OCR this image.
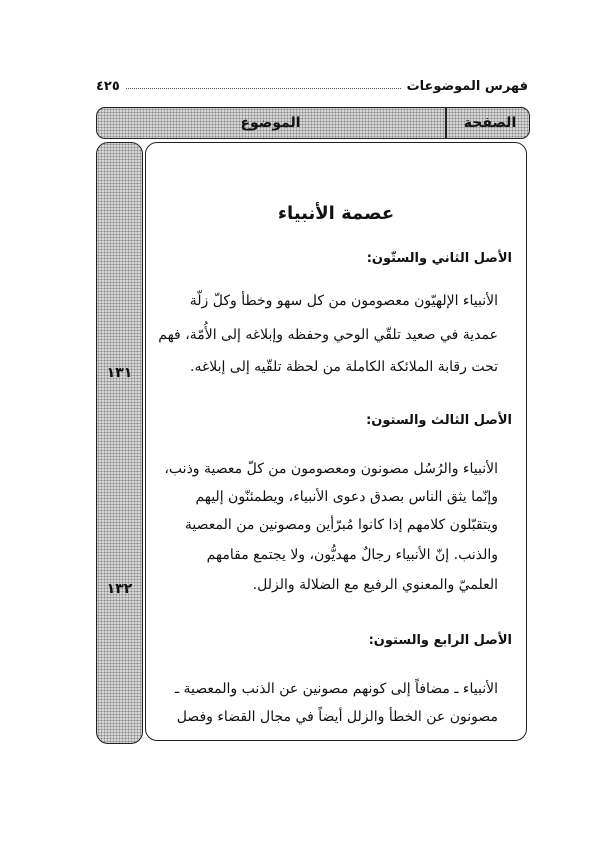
فهرس الموضوعات
٤٢٥
الموضوع	الصفحة
١٣١
١٣٢
عصمة الأنبياء
الأصل الثاني والستّون:
الأنبياء الإلهيّون معصومون من كل سهو وخطأ وكلّ زلّة
عمدية في صعيد تلقّي الوحي وحفظه وإبلاغه إلى الأُمّة، فهم
تحت رقابة الملائكة الكاملة من لحظة تلقّيه إلى إبلاغه.
الأصل الثالث والستون:
الأنبياء والرُسُل مصونون ومعصومون من كلّ معصية وذنب،
وإنّما يثق الناس بصدق دعوى الأنبياء، ويطمئنّون إليهم
ويتقبّلون كلامهم إذا كانوا مُبرّأين ومصونين من المعصية
والذنب. إنّ الأنبياء رجالٌ مهديُّون، ولا يجتمع مقامهم
العلميّ والمعنوي الرفيع مع الضلالة والزلل.
الأصل الرابع والستون:
الأنبياء ـ مضافاً إلى كونهم مصونين عن الذنب والمعصية ـ
مصونون عن الخطأ والزلل أيضاً في مجال القضاء وفصل
